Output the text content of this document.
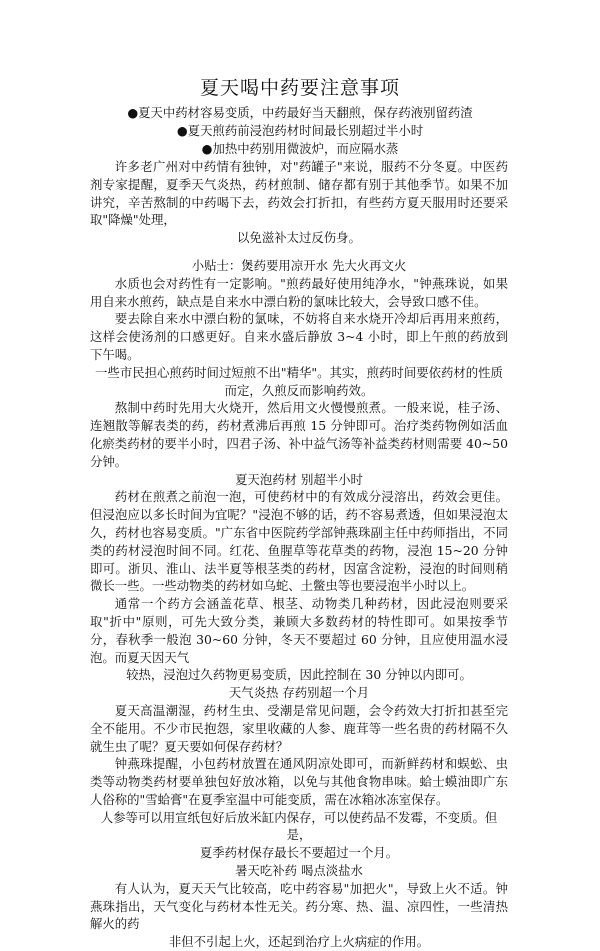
夏天喝中药要注意事项
●夏天中药材容易变质，中药最好当天翻煎，保存药液别留药渣
●夏天煎药前浸泡药材时间最长别超过半小时
●加热中药别用微波炉，而应隔水蒸

许多老广州对中药情有独钟，对"药罐子"来说，服药不分冬夏。中医药剂专家提醒，夏季天气炎热，药材煎制、储存都有别于其他季节。如果不加讲究，辛苦熬制的中药喝下去，药效会打折扣，有些药方夏天服用时还要采取"降燥"处理，

以免滋补太过反伤身。

小贴士：煲药要用凉开水 先大火再文火

水质也会对药性有一定影响。"煎药最好使用纯净水，"钟燕珠说，如果用自来水煎药，缺点是自来水中漂白粉的氯味比较大，会导致口感不佳。

要去除自来水中漂白粉的氯味，不妨将自来水烧开冷却后再用来煎药，这样会使汤剂的口感更好。自来水盛后静放 3~4 小时，即上午煎的药放到下午喝。

一些市民担心煎药时间过短煎不出"精华"。其实，煎药时间要依药材的性质

而定，久煎反而影响药效。

熬制中药时先用大火烧开，然后用文火慢慢煎煮。一般来说，桂子汤、连翘散等解表类的药，药材煮沸后再煎 15 分钟即可。治疗类药物例如活血化瘀类药材的要半小时，四君子汤、补中益气汤等补益类药材则需要 40~50 分钟。

夏天泡药材 别超半小时

药材在煎煮之前泡一泡，可使药材中的有效成分浸溶出，药效会更佳。但浸泡应以多长时间为宜呢？"浸泡不够的话，药不容易煮透，但如果浸泡太久，药材也容易变质。"广东省中医院药学部钟燕珠副主任中药师指出，不同类的药材浸泡时间不同。红花、鱼腥草等花草类的药物，浸泡 15~20 分钟即可。浙贝、淮山、法半夏等根茎类的药材，因富含淀粉，浸泡的时间则稍微长一些。一些动物类的药材如乌蛇、土鳖虫等也要浸泡半小时以上。

通常一个药方会涵盖花草、根茎、动物类几种药材，因此浸泡则要采取"折中"原则，可先大致分类，兼顾大多数药材的特性即可。如果按季节分，春秋季一般泡 30~60 分钟，冬天不要超过 60 分钟，且应使用温水浸泡。而夏天因天气

较热，浸泡过久药物更易变质，因此控制在 30 分钟以内即可。

天气炎热 存药别超一个月

夏天高温潮湿，药材生虫、受潮是常见问题，会令药效大打折扣甚至完全不能用。不少市民抱怨，家里收藏的人参、鹿茸等一些名贵的药材隔不久就生虫了呢？夏天要如何保存药材？

钟燕珠提醒，小包药材放置在通风阴凉处即可，而新鲜药材和蜈蚣、虫类等动物类药材要单独包好放冰箱，以免与其他食物串味。蛤士蟆油即广东人俗称的"雪蛤膏"在夏季室温中可能变质，需在冰箱冰冻室保存。

人参等可以用宣纸包好后放米缸内保存，可以使药品不发霉，不变质。但是，

夏季药材保存最长不要超过一个月。

暑天吃补药 喝点淡盐水

有人认为，夏天天气比较高，吃中药容易"加把火"，导致上火不适。钟燕珠指出，天气变化与药材本性无关。药分寒、热、温、凉四性，一些清热解火的药

非但不引起上火，还起到治疗上火病症的作用。
